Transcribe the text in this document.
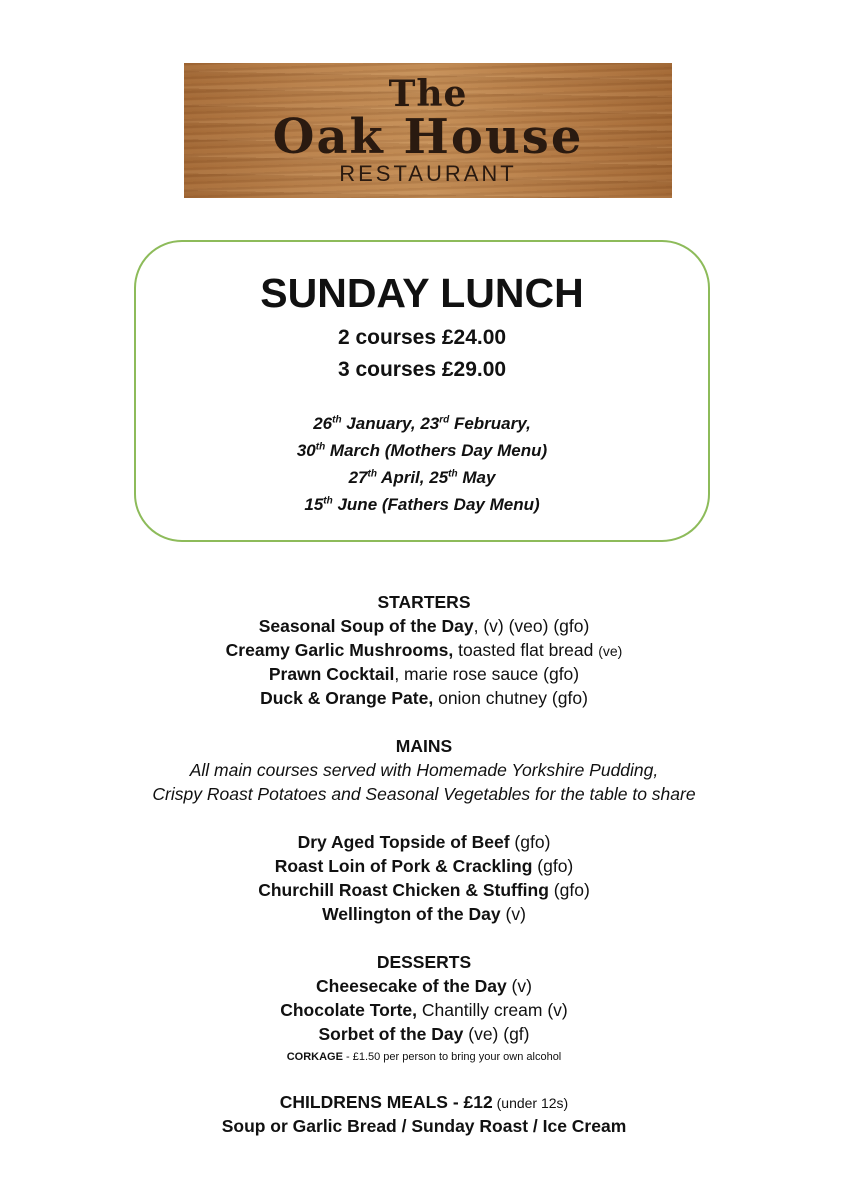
The
Oak House
RESTAURANT
SUNDAY LUNCH
2 courses £24.00
3 courses £29.00
26th January, 23rd February,
30th March (Mothers Day Menu)
27th April, 25th May
15th June (Fathers Day Menu)
STARTERS
Seasonal Soup of the Day, (v) (veo) (gfo)
Creamy Garlic Mushrooms, toasted flat bread (ve)
Prawn Cocktail, marie rose sauce (gfo)
Duck & Orange Pate, onion chutney (gfo)
MAINS
All main courses served with Homemade Yorkshire Pudding,
Crispy Roast Potatoes and Seasonal Vegetables for the table to share
Dry Aged Topside of Beef (gfo)
Roast Loin of Pork & Crackling (gfo)
Churchill Roast Chicken & Stuffing (gfo)
Wellington of the Day (v)
DESSERTS
Cheesecake of the Day (v)
Chocolate Torte, Chantilly cream (v)
Sorbet of the Day (ve) (gf)
CORKAGE - £1.50 per person to bring your own alcohol
CHILDRENS MEALS - £12 (under 12s)
Soup or Garlic Bread / Sunday Roast / Ice Cream
